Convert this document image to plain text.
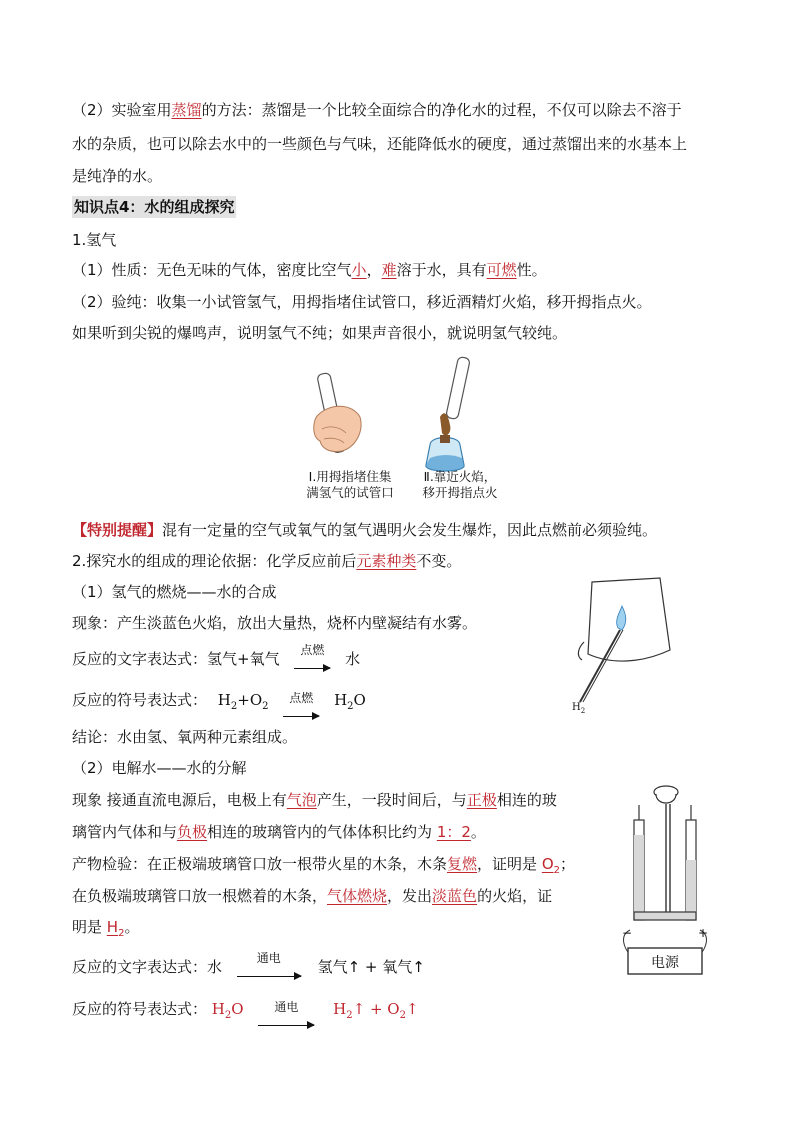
（2）实验室用蒸馏的方法：蒸馏是一个比较全面综合的净化水的过程，不仅可以除去不溶于
水的杂质，也可以除去水中的一些颜色与气味，还能降低水的硬度，通过蒸馏出来的水基本上
是纯净的水。
知识点4：水的组成探究
1.氢气
（1）性质：无色无味的气体，密度比空气小，难溶于水，具有可燃性。
（2）验纯：收集一小试管氢气，用拇指堵住试管口，移近酒精灯火焰，移开拇指点火。
如果听到尖锐的爆鸣声，说明氢气不纯；如果声音很小，就说明氢气较纯。
Ⅰ.用拇指堵住集
满氢气的试管口
Ⅱ.靠近火焰，
移开拇指点火
【特别提醒】混有一定量的空气或氧气的氢气遇明火会发生爆炸，因此点燃前必须验纯。
2.探究水的组成的理论依据：化学反应前后元素种类不变。
（1）氢气的燃烧——水的合成
现象：产生淡蓝色火焰，放出大量热，烧杯内壁凝结有水雾。
反应的文字表达式：氢气+氧气	点燃	水
反应的符号表达式： $H_2+O_2$
点燃	$H_2O$
结论：水由氢、氧两种元素组成。
$H_2$
（2）电解水——水的分解
现象 接通直流电源后，电极上有气泡产生，一段时间后，与正极相连的玻
璃管内气体和与负极相连的玻璃管内的气体体积比约为 1：2。
产物检验：在正极端玻璃管口放一根带火星的木条，木条复燃，证明是 $O_2$；
在负极端玻璃管口放一根燃着的木条，气体燃烧，发出淡蓝色的火焰，证
明是 $H_2$。
反应的文字表达式：水	通电	氢气↑ + 氧气↑
反应的符号表达式： $H_2O$	通电	$H_2↑$ + $O_2↑$
−	+
电源
